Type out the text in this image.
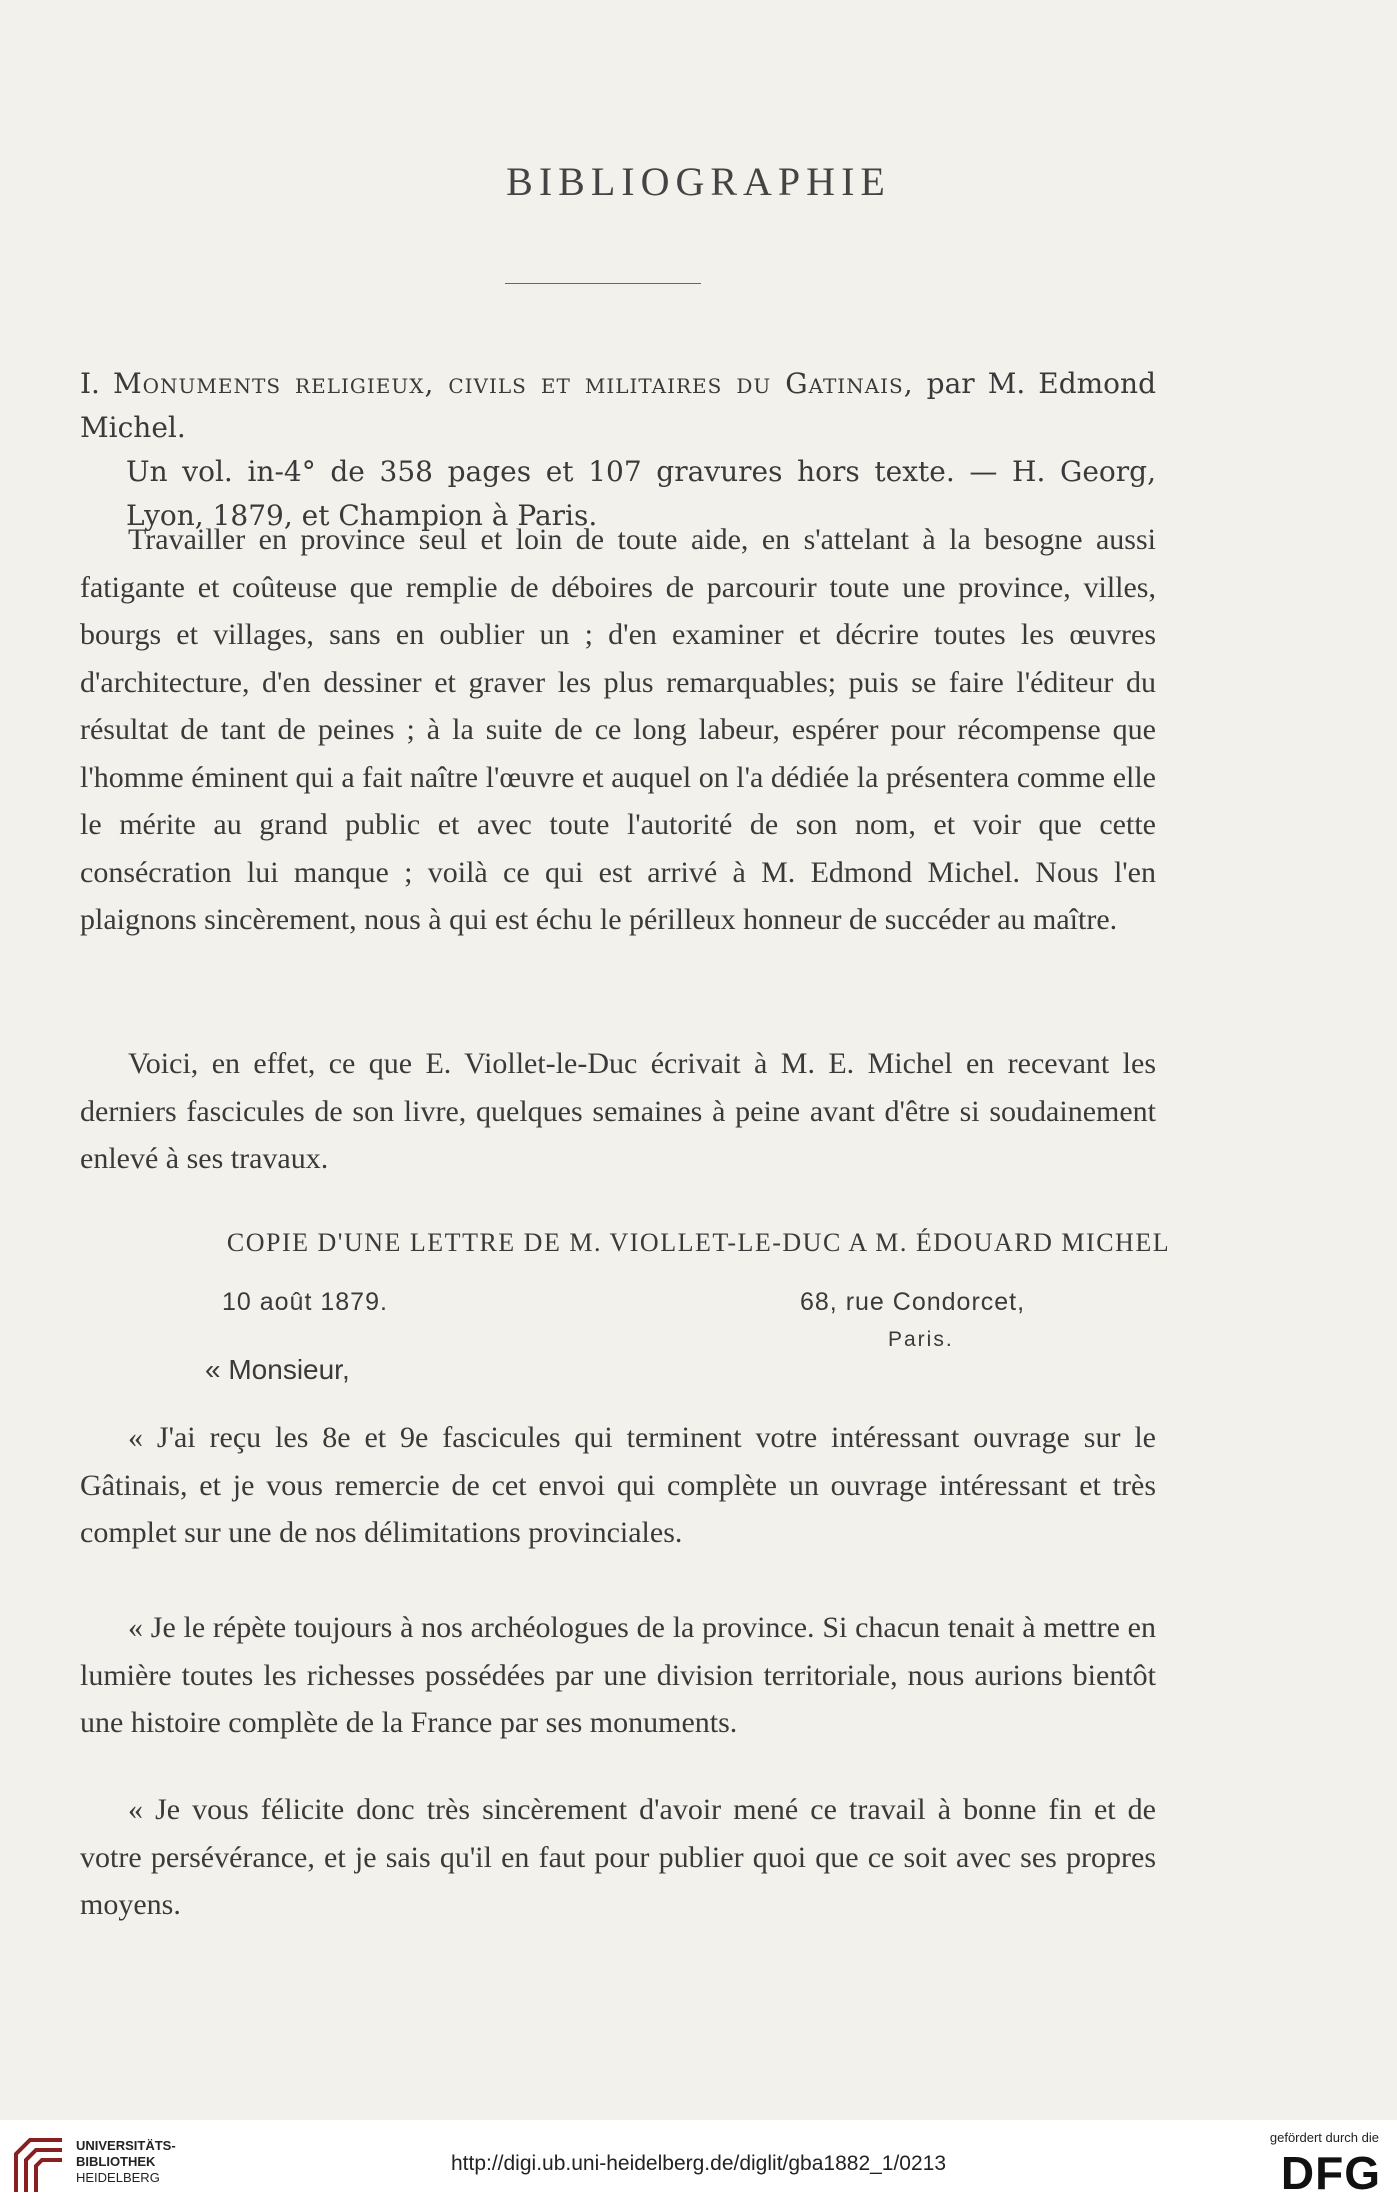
BIBLIOGRAPHIE
I. Monuments religieux, civils et militaires du Gatinais, par M. Edmond Michel.
Un vol. in-4° de 358 pages et 107 gravures hors texte. — H. Georg, Lyon, 1879, et Champion à Paris.
Travailler en province seul et loin de toute aide, en s'attelant à la besogne aussi fatigante et coûteuse que remplie de déboires de parcourir toute une province, villes, bourgs et villages, sans en oublier un ; d'en examiner et décrire toutes les œuvres d'architecture, d'en dessiner et graver les plus remarquables; puis se faire l'éditeur du résultat de tant de peines ; à la suite de ce long labeur, espérer pour récompense que l'homme éminent qui a fait naître l'œuvre et auquel on l'a dédiée la présentera comme elle le mérite au grand public et avec toute l'autorité de son nom, et voir que cette consécration lui manque ; voilà ce qui est arrivé à M. Edmond Michel. Nous l'en plaignons sincèrement, nous à qui est échu le périlleux honneur de succéder au maître.
Voici, en effet, ce que E. Viollet-le-Duc écrivait à M. E. Michel en recevant les derniers fascicules de son livre, quelques semaines à peine avant d'être si soudainement enlevé à ses travaux.
COPIE D'UNE LETTRE DE M. VIOLLET-LE-DUC A M. ÉDOUARD MICHEL
10 août 1879.	68, rue Condorcet,
Paris.
« Monsieur,
« J'ai reçu les 8e et 9e fascicules qui terminent votre intéressant ouvrage sur le Gâtinais, et je vous remercie de cet envoi qui complète un ouvrage intéressant et très complet sur une de nos délimitations provinciales.
« Je le répète toujours à nos archéologues de la province. Si chacun tenait à mettre en lumière toutes les richesses possédées par une division territoriale, nous aurions bientôt une histoire complète de la France par ses monuments.
« Je vous félicite donc très sincèrement d'avoir mené ce travail à bonne fin et de votre persévérance, et je sais qu'il en faut pour publier quoi que ce soit avec ses propres moyens.
UNIVERSITÄTS-
BIBLIOTHEK
HEIDELBERG
http://digi.ub.uni-heidelberg.de/diglit/gba1882_1/0213
gefördert durch die
DFG
